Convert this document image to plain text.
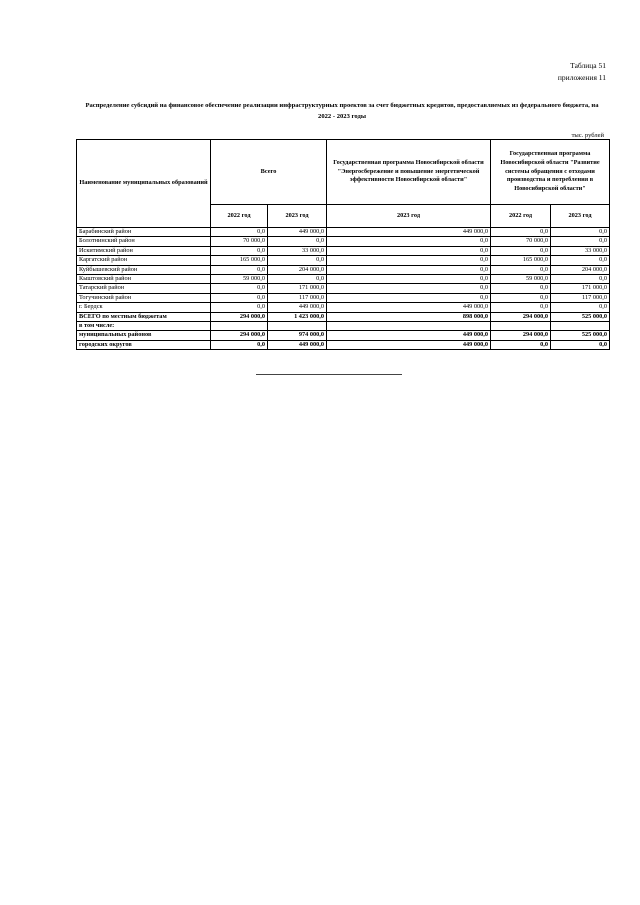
Таблица 51
приложения 11
Распределение субсидий на финансовое обеспечение реализации инфраструктурных проектов за счет бюджетных кредитов, предоставляемых из федерального бюджета, на 2022 - 2023 годы
тыс. рублей
Наименование муниципальных образований	Всего		Государственная программа Новосибирской области "Энергосбережение и повышение энергетической эффективности Новосибирской области"	Государственная программа Новосибирской области "Развитие системы обращения с отходами производства и потребления в Новосибирской области"	
	2022 год	2023 год	2023 год	2022 год	2023 год
Барабинский район	0,0	449 000,0	449 000,0	0,0	0,0
Болотнинский район	70 000,0	0,0	0,0	70 000,0	0,0
Искитимский район	0,0	33 000,0	0,0	0,0	33 000,0
Каргатский район	165 000,0	0,0	0,0	165 000,0	0,0
Куйбышевский район	0,0	204 000,0	0,0	0,0	204 000,0
Кыштовский район	59 000,0	0,0	0,0	59 000,0	0,0
Татарский район	0,0	171 000,0	0,0	0,0	171 000,0
Тогучинский район	0,0	117 000,0	0,0	0,0	117 000,0
г. Бердск	0,0	449 000,0	449 000,0	0,0	0,0
ВСЕГО по местным бюджетам	294 000,0	1 423 000,0	898 000,0	294 000,0	525 000,0
в том числе:					
муниципальных районов	294 000,0	974 000,0	449 000,0	294 000,0	525 000,0
городских округов	0,0	449 000,0	449 000,0	0,0	0,0
